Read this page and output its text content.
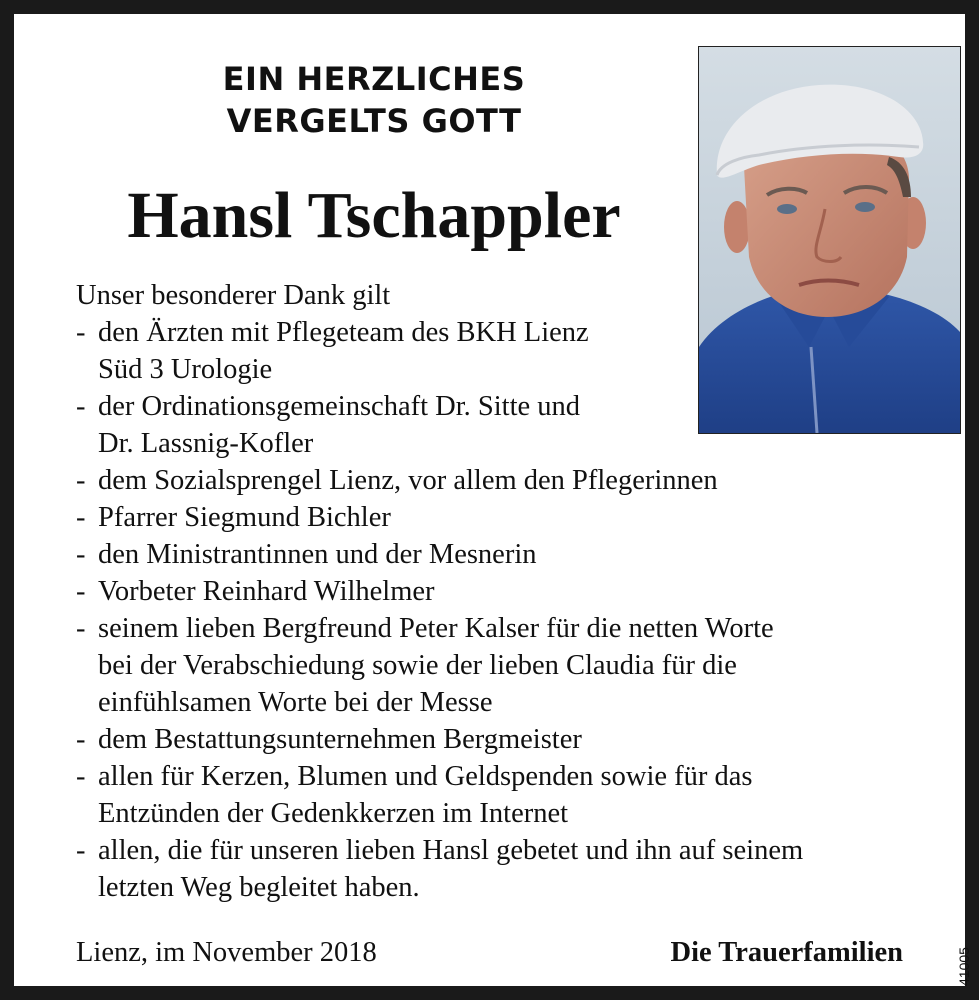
EIN HERZLICHES
VERGELTS GOTT
Hansl Tschappler
Unser besonderer Dank gilt
- den Ärzten mit Pflegeteam des BKH Lienz
Süd 3 Urologie
- der Ordinationsgemeinschaft Dr. Sitte und
Dr. Lassnig-Kofler
- dem Sozialsprengel Lienz, vor allem den Pflegerinnen
- Pfarrer Siegmund Bichler
- den Ministrantinnen und der Mesnerin
- Vorbeter Reinhard Wilhelmer
- seinem lieben Bergfreund Peter Kalser für die netten Worte
bei der Verabschiedung sowie der lieben Claudia für die
einfühlsamen Worte bei der Messe
- dem Bestattungsunternehmen Bergmeister
- allen für Kerzen, Blumen und Geldspenden sowie für das
Entzünden der Gedenkkerzen im Internet
- allen, die für unseren lieben Hansl gebetet und ihn auf seinem
letzten Weg begleitet haben.
Lienz, im November 2018	Die Trauerfamilien	41005
